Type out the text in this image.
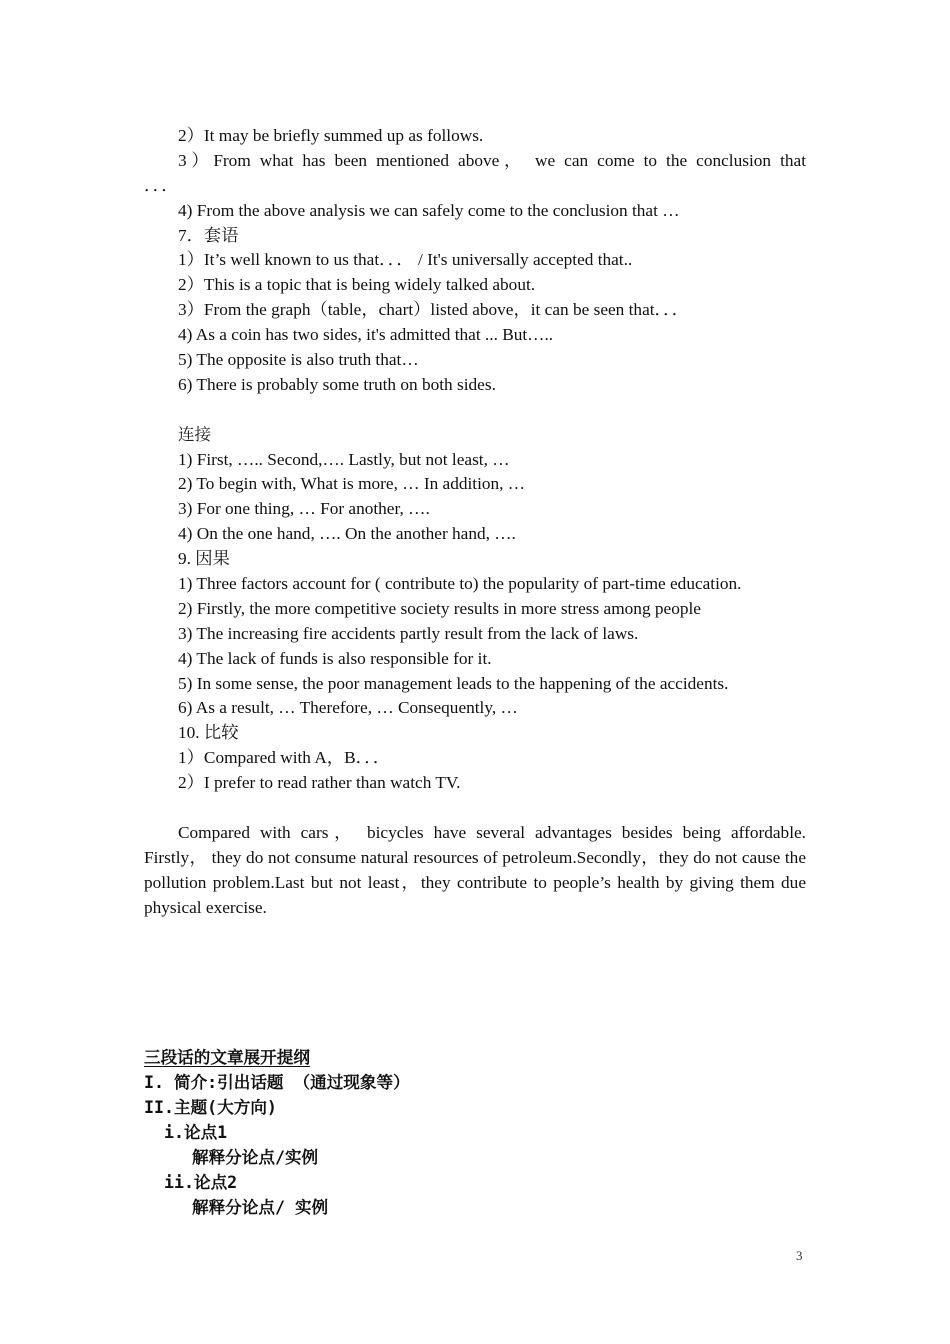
2）It may be briefly summed up as follows.
3）From what has been mentioned above， we can come to the conclusion that
．．．
4) From the above analysis we can safely come to the conclusion that …
7．套语
1）It’s well known to us that．．． / It's universally accepted that..
2）This is a topic that is being widely talked about.
3）From the graph（table，chart）listed above，it can be seen that．．．
4) As a coin has two sides, it's admitted that ... But…..
5) The opposite is also truth that…
6) There is probably some truth on both sides.
连接
1) First, ….. Second,…. Lastly, but not least, …
2) To begin with, What is more, … In addition, …
3) For one thing, … For another, ….
4) On the one hand, …. On the another hand, ….
9. 因果
1) Three factors account for ( contribute to) the popularity of part-time education.
2) Firstly, the more competitive society results in more stress among people
3) The increasing fire accidents partly result from the lack of laws.
4) The lack of funds is also responsible for it.
5) In some sense, the poor management leads to the happening of the accidents.
6) As a result, … Therefore, … Consequently, …
10. 比较
1）Compared with A，B．．．
2）I prefer to read rather than watch TV.
Compared with cars， bicycles have several advantages besides being affordable. Firstly， they do not consume natural resources of petroleum.Secondly，they do not cause the pollution problem.Last but not least，they contribute to people’s health by giving them due physical exercise.
三段话的文章展开提纲
I. 简介:引出话题 （通过现象等）
II.主题(大方向)
i.论点1
解释分论点/实例
ii.论点2
解释分论点/ 实例
3
